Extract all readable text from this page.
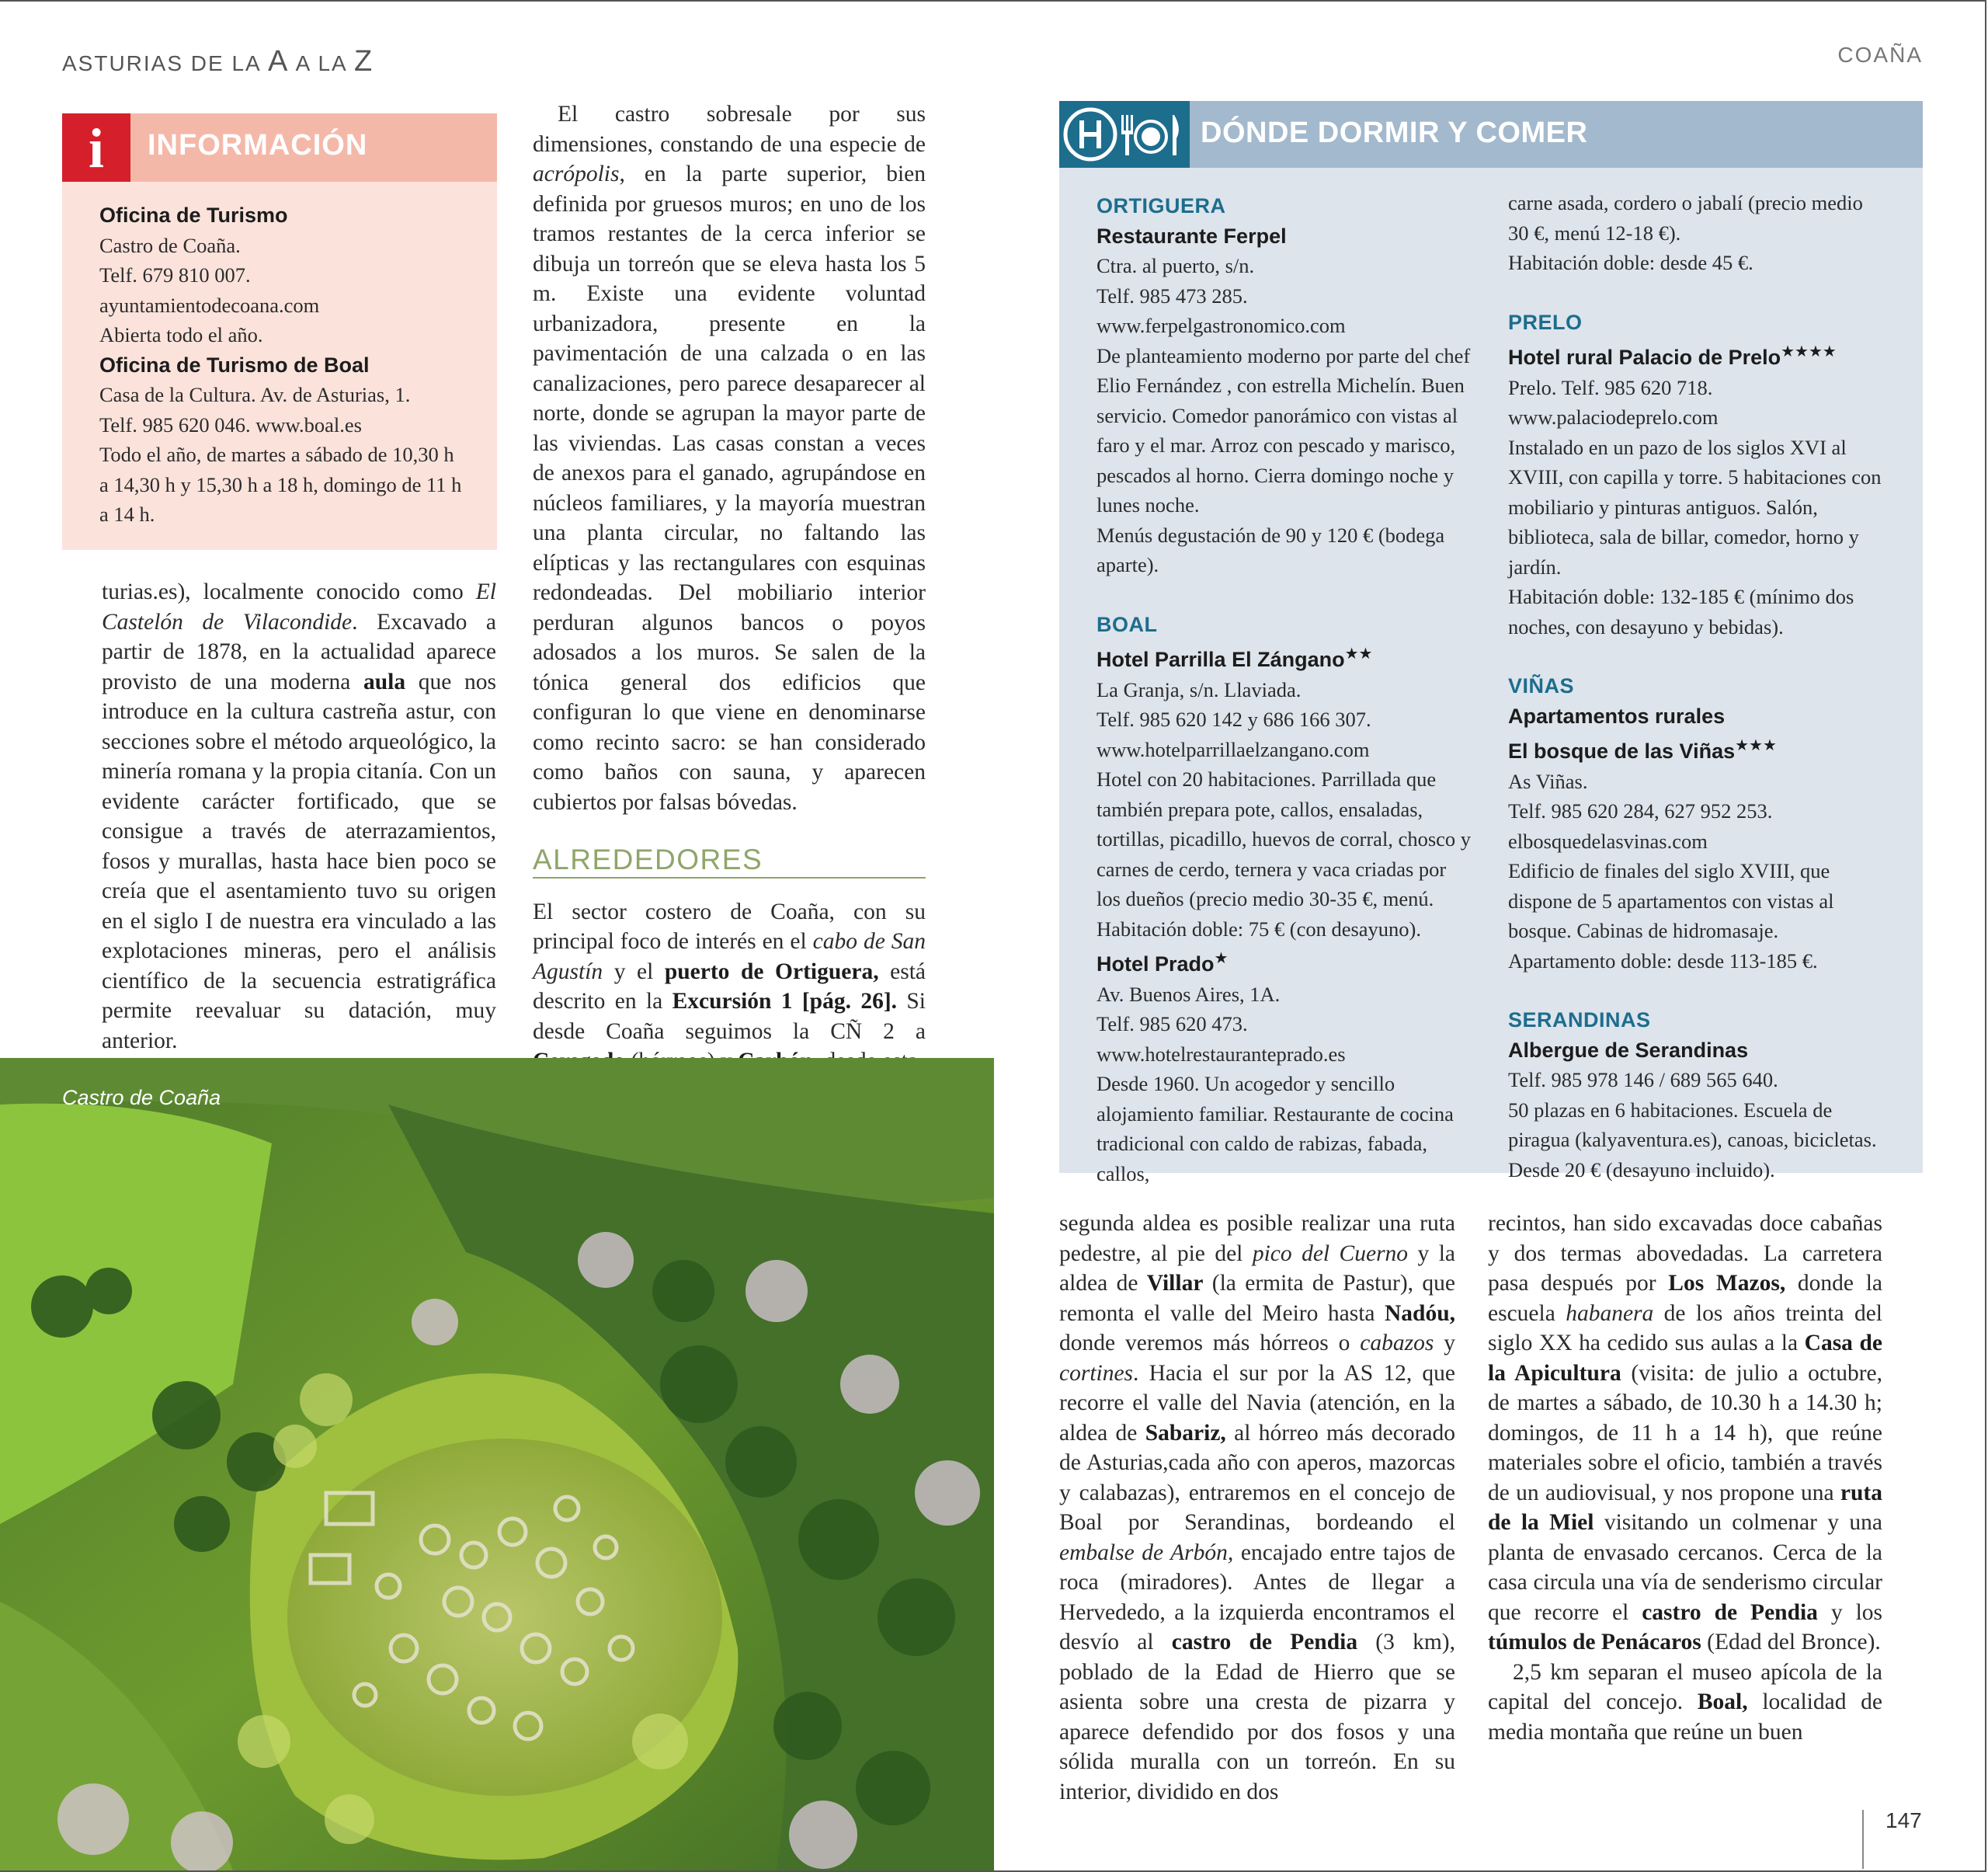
ASTURIAS DE LA A A LA Z	COAÑA
i	INFORMACIÓN
Oficina de Turismo
Castro de Coaña.
Telf. 679 810 007.
ayuntamientodecoana.com
Abierta todo el año.
Oficina de Turismo de Boal
Casa de la Cultura. Av. de Asturias, 1.
Telf. 985 620 046. www.boal.es
Todo el año, de martes a sábado de 10,30 h
a 14,30 h y 15,30 h a 18 h, domingo de 11 h
a 14 h.

turias.es), localmente conocido como El Castelón de Vilacondide. Excavado a partir de 1878, en la actualidad aparece provisto de una moderna aula que nos introduce en la cultura castreña astur, con secciones sobre el método arqueológico, la minería romana y la propia citanía. Con un evidente carácter fortificado, que se consigue a través de aterrazamientos, fosos y murallas, hasta hace bien poco se creía que el asentamiento tuvo su origen en el siglo I de nuestra era vinculado a las explotaciones mineras, pero el análisis científico de la secuencia estratigráfica permite reevaluar su datación, muy anterior.

El castro sobresale por sus dimensiones, constando de una especie de acrópolis, en la parte superior, bien definida por gruesos muros; en uno de los tramos restantes de la cerca inferior se dibuja un torreón que se eleva hasta los 5 m. Existe una evidente voluntad urbanizadora, presente en la pavimentación de una calzada o en las canalizaciones, pero parece desaparecer al norte, donde se agrupan la mayor parte de las viviendas. Las casas constan a veces de anexos para el ganado, agrupándose en núcleos familiares, y la mayoría muestran una planta circular, no faltando las elípticas y las rectangulares con esquinas redondeadas. Del mobiliario interior perduran algunos bancos o poyos adosados a los muros. Se salen de la tónica general dos edificios que configuran lo que viene en denominarse como recinto sacro: se han considerado como baños con sauna, y aparecen cubiertos por falsas bóvedas.

ALREDEDORES

El sector costero de Coaña, con su principal foco de interés en el cabo de San Agustín y el puerto de Ortiguera, está descrito en la Excursión 1 [pág. 26]. Si desde Coaña seguimos la CÑ 2 a

DÓNDE DORMIR Y COMER
ORTIGUERA
Restaurante Ferpel
Ctra. al puerto, s/n.
Telf. 985 473 285.
www.ferpelgastronomico.com
De planteamiento moderno por parte del chef Elio Fernández , con estrella Michelín. Buen servicio. Comedor panorámico con vistas al faro y el mar. Arroz con pescado y marisco, pescados al horno. Cierra domingo noche y lunes noche.
Menús degustación de 90 y 120 € (bodega aparte).
BOAL
Hotel Parrilla El Zángano★★
La Granja, s/n. Llaviada.
Telf. 985 620 142 y 686 166 307.
www.hotelparrillaelzangano.com
Hotel con 20 habitaciones. Parrillada que también prepara pote, callos, ensaladas, tortillas, picadillo, huevos de corral, chosco y carnes de cerdo, ternera y vaca criadas por los dueños (precio medio 30-35 €, menú.
Habitación doble: 75 € (con desayuno).
Hotel Prado★
Av. Buenos Aires, 1A.
Telf. 985 620 473.
www.hotelrestauranteprado.es
Desde 1960. Un acogedor y sencillo alojamiento familiar. Restaurante de cocina tradicional con caldo de rabizas, fabada, callos,
carne asada, cordero o jabalí (precio medio 30 €, menú 12-18 €).
Habitación doble: desde 45 €.
PRELO
Hotel rural Palacio de Prelo★★★★
Prelo. Telf. 985 620 718.
www.palaciodeprelo.com
Instalado en un pazo de los siglos XVI al XVIII, con capilla y torre. 5 habitaciones con mobiliario y pinturas antiguos. Salón, biblioteca, sala de billar, comedor, horno y jardín.
Habitación doble: 132-185 € (mínimo dos noches, con desayuno y bebidas).
VIÑAS
Apartamentos rurales
El bosque de las Viñas★★★
As Viñas.
Telf. 985 620 284, 627 952 253.
elbosquedelasvinas.com
Edificio de finales del siglo XVIII, que dispone de 5 apartamentos con vistas al bosque. Cabinas de hidromasaje.
Apartamento doble: desde 113-185 €.
SERANDINAS
Albergue de Serandinas
Telf. 985 978 146 / 689 565 640.
50 plazas en 6 habitaciones. Escuela de piragua (kalyaventura.es), canoas, bicicletas.
Desde 20 € (desayuno incluido).

segunda aldea es posible realizar una ruta pedestre, al pie del pico del Cuerno y la aldea de Villar (la ermita de Pastur), que remonta el valle del Meiro hasta Nadóu, donde veremos más hórreos o cabazos y cortines. Hacia el sur por la AS 12, que recorre el valle del Navia (atención, en la aldea de Sabariz, al hórreo más decorado de Asturias,cada año con aperos, mazorcas y calabazas), entraremos en el concejo de Boal por Serandinas, bordeando el embalse de Arbón, encajado entre tajos de roca (miradores). Antes de llegar a Hervededo, a la izquierda encontramos el desvío al castro de Pendia (3 km), poblado de la Edad de Hierro que se asienta sobre una cresta de pizarra y aparece defendido por dos fosos y una sólida muralla con un torreón. En su interior, dividido en dos

recintos, han sido excavadas doce cabañas y dos termas abovedadas. La carretera pasa después por Los Mazos, donde la escuela habanera de los años treinta del siglo XX ha cedido sus aulas a la Casa de la Apicultura (visita: de julio a octubre, de martes a sábado, de 10.30 h a 14.30 h; domingos, de 11 h a 14 h), que reúne materiales sobre el oficio, también a través de un audiovisual, y nos propone una ruta de la Miel visitando un colmenar y una planta de envasado cercanos. Cerca de la casa circula una vía de senderismo circular que recorre el castro de Pendia y los túmulos de Penácaros (Edad del Bronce).

2,5 km separan el museo apícola de la capital del concejo. Boal, localidad de media montaña que reúne un buen

Castro de Coaña
147
